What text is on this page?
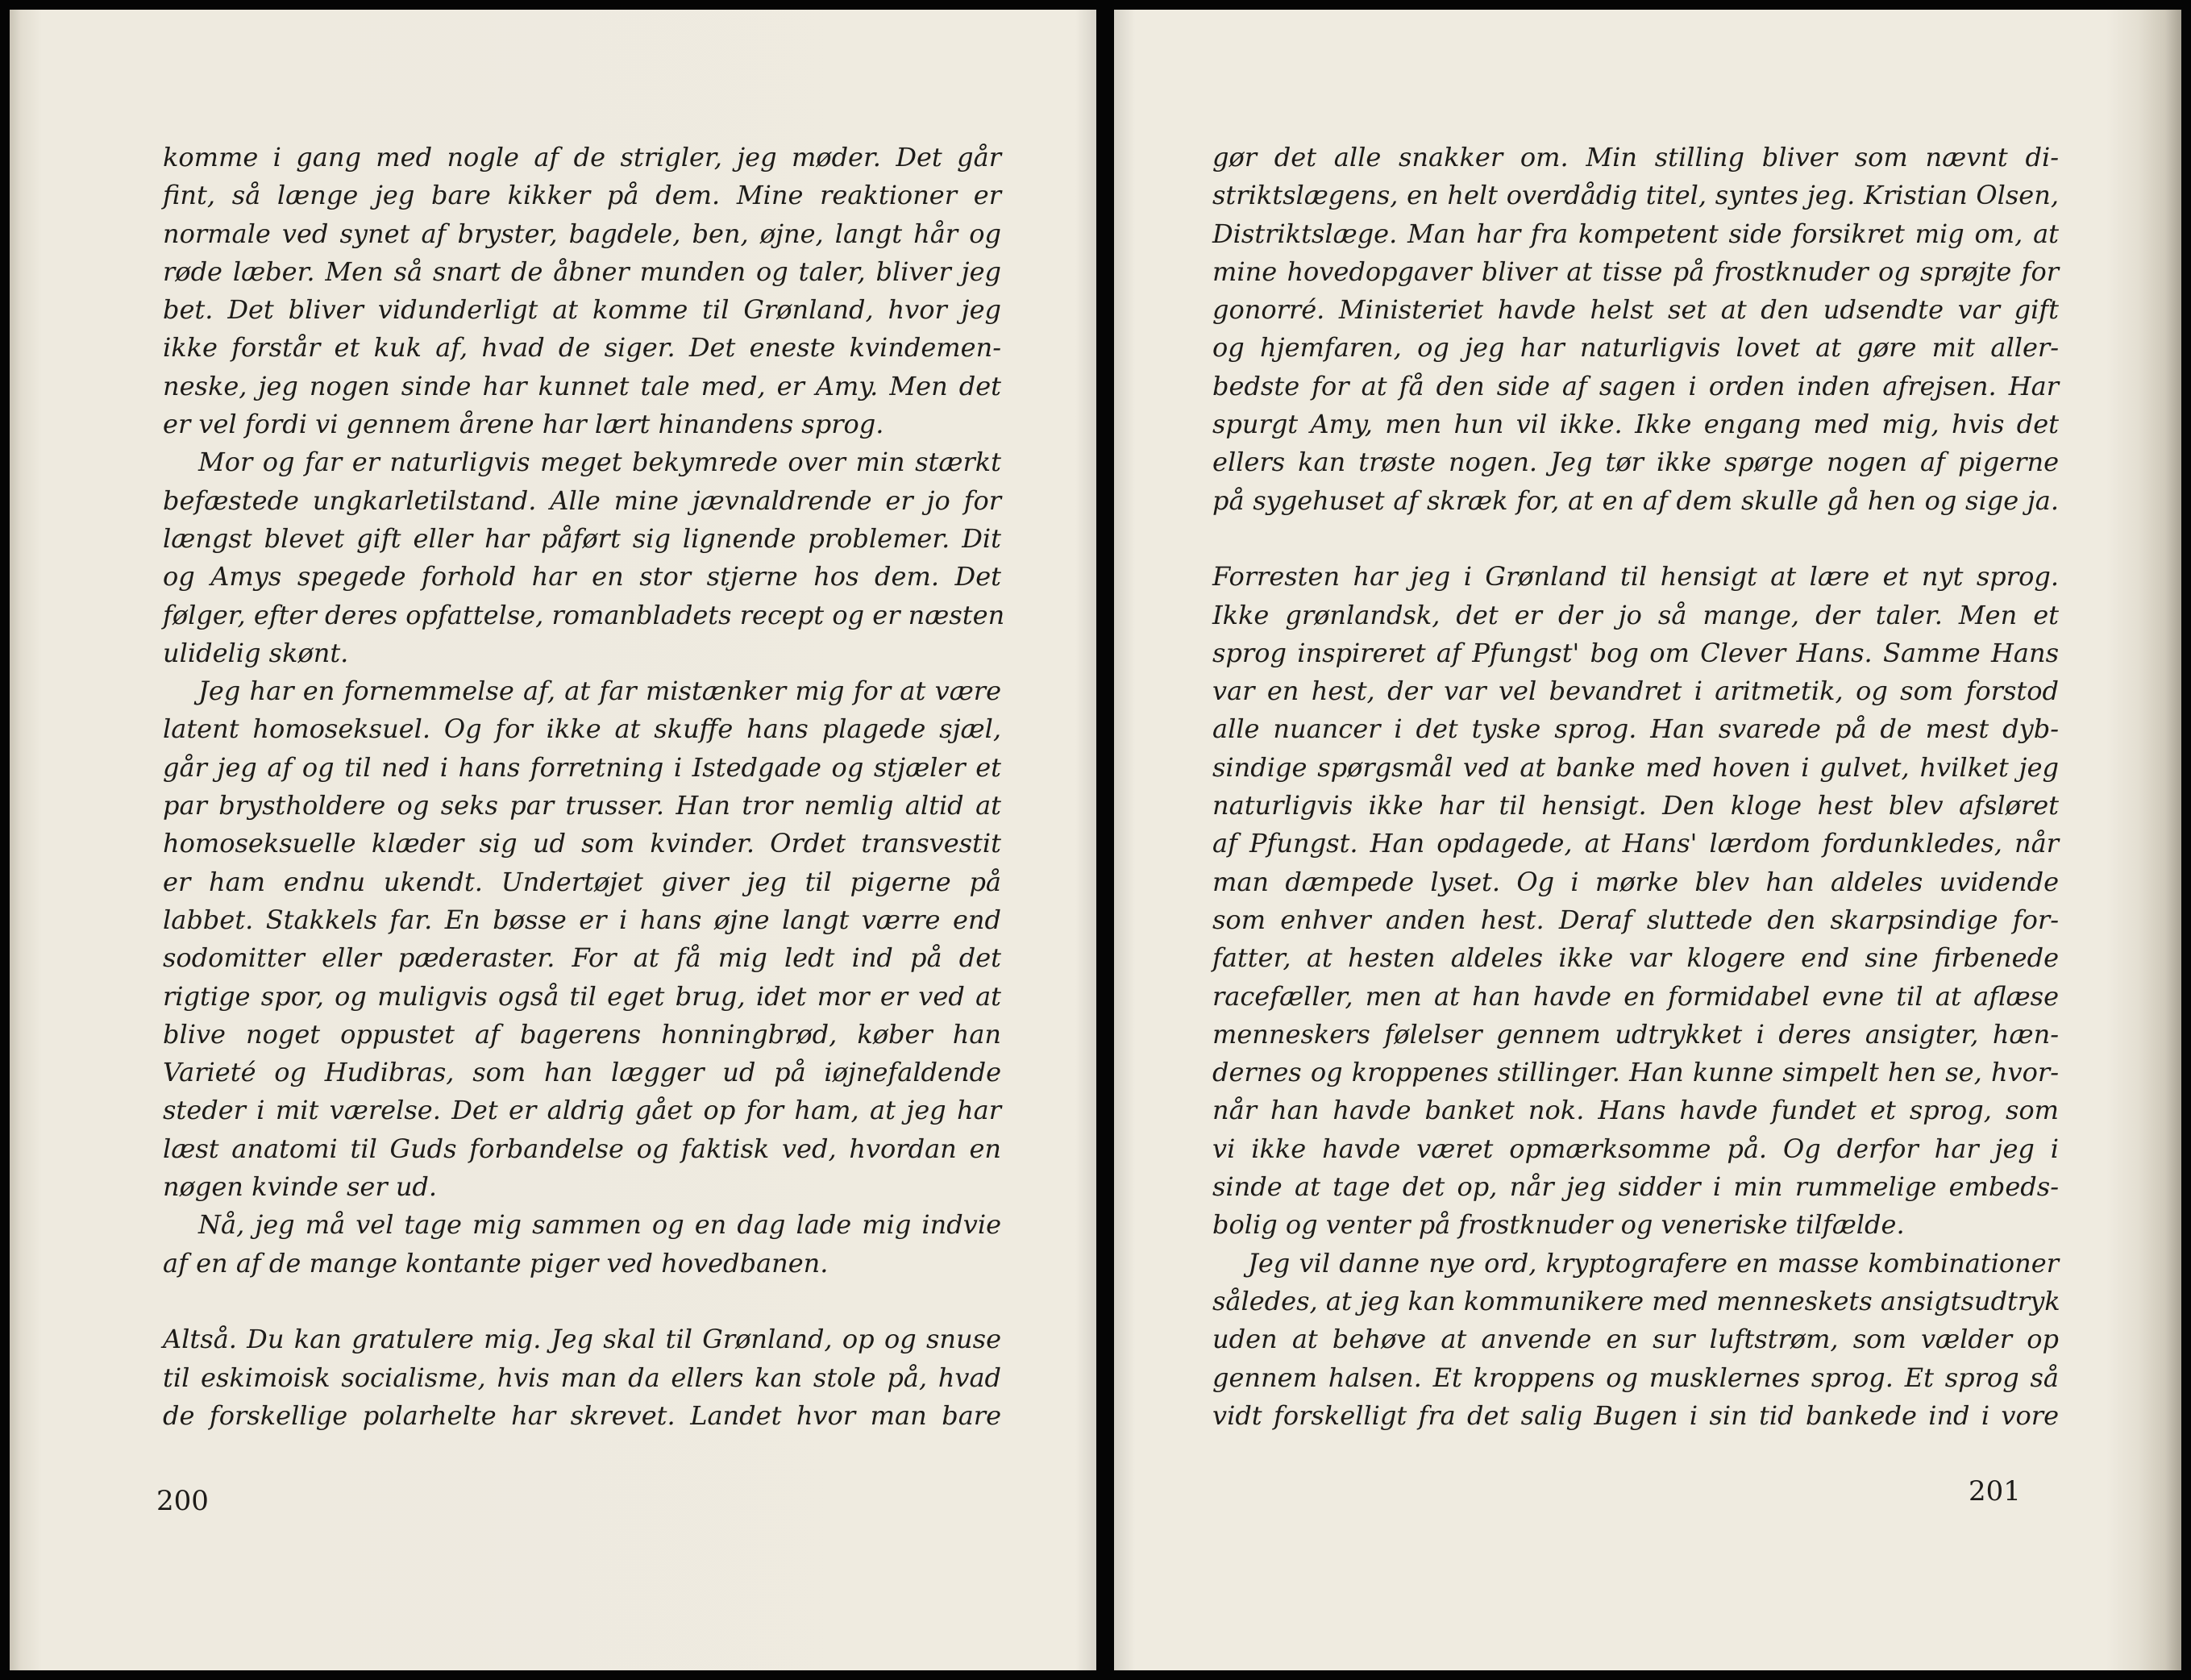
komme i gang med nogle af de strigler, jeg møder. Det går
fint, så længe jeg bare kikker på dem. Mine reaktioner er
normale ved synet af bryster, bagdele, ben, øjne, langt hår og
røde læber. Men så snart de åbner munden og taler, bliver jeg
bet. Det bliver vidunderligt at komme til Grønland, hvor jeg
ikke forstår et kuk af, hvad de siger. Det eneste kvindemen-
neske, jeg nogen sinde har kunnet tale med, er Amy. Men det
er vel fordi vi gennem årene har lært hinandens sprog.
Mor og far er naturligvis meget bekymrede over min stærkt
befæstede ungkarletilstand. Alle mine jævnaldrende er jo for
længst blevet gift eller har påført sig lignende problemer. Dit
og Amys spegede forhold har en stor stjerne hos dem. Det
følger, efter deres opfattelse, romanbladets recept og er næsten
ulidelig skønt.
Jeg har en fornemmelse af, at far mistænker mig for at være
latent homoseksuel. Og for ikke at skuffe hans plagede sjæl,
går jeg af og til ned i hans forretning i Istedgade og stjæler et
par brystholdere og seks par trusser. Han tror nemlig altid at
homoseksuelle klæder sig ud som kvinder. Ordet transvestit
er ham endnu ukendt. Undertøjet giver jeg til pigerne på
labbet. Stakkels far. En bøsse er i hans øjne langt værre end
sodomitter eller pæderaster. For at få mig ledt ind på det
rigtige spor, og muligvis også til eget brug, idet mor er ved at
blive noget oppustet af bagerens honningbrød, køber han
Varieté og Hudibras, som han lægger ud på iøjnefaldende
steder i mit værelse. Det er aldrig gået op for ham, at jeg har
læst anatomi til Guds forbandelse og faktisk ved, hvordan en
nøgen kvinde ser ud.
Nå, jeg må vel tage mig sammen og en dag lade mig indvie
af en af de mange kontante piger ved hovedbanen.
Altså. Du kan gratulere mig. Jeg skal til Grønland, op og snuse
til eskimoisk socialisme, hvis man da ellers kan stole på, hvad
de forskellige polarhelte har skrevet. Landet hvor man bare
200
gør det alle snakker om. Min stilling bliver som nævnt di-
striktslægens, en helt overdådig titel, syntes jeg. Kristian Olsen,
Distriktslæge. Man har fra kompetent side forsikret mig om, at
mine hovedopgaver bliver at tisse på frostknuder og sprøjte for
gonorré. Ministeriet havde helst set at den udsendte var gift
og hjemfaren, og jeg har naturligvis lovet at gøre mit aller-
bedste for at få den side af sagen i orden inden afrejsen. Har
spurgt Amy, men hun vil ikke. Ikke engang med mig, hvis det
ellers kan trøste nogen. Jeg tør ikke spørge nogen af pigerne
på sygehuset af skræk for, at en af dem skulle gå hen og sige ja.
Forresten har jeg i Grønland til hensigt at lære et nyt sprog.
Ikke grønlandsk, det er der jo så mange, der taler. Men et
sprog inspireret af Pfungst' bog om Clever Hans. Samme Hans
var en hest, der var vel bevandret i aritmetik, og som forstod
alle nuancer i det tyske sprog. Han svarede på de mest dyb-
sindige spørgsmål ved at banke med hoven i gulvet, hvilket jeg
naturligvis ikke har til hensigt. Den kloge hest blev afsløret
af Pfungst. Han opdagede, at Hans' lærdom fordunkledes, når
man dæmpede lyset. Og i mørke blev han aldeles uvidende
som enhver anden hest. Deraf sluttede den skarpsindige for-
fatter, at hesten aldeles ikke var klogere end sine firbenede
racefæller, men at han havde en formidabel evne til at aflæse
menneskers følelser gennem udtrykket i deres ansigter, hæn-
dernes og kroppenes stillinger. Han kunne simpelt hen se, hvor-
når han havde banket nok. Hans havde fundet et sprog, som
vi ikke havde været opmærksomme på. Og derfor har jeg i
sinde at tage det op, når jeg sidder i min rummelige embeds-
bolig og venter på frostknuder og veneriske tilfælde.
Jeg vil danne nye ord, kryptografere en masse kombinationer
således, at jeg kan kommunikere med menneskets ansigtsudtryk
uden at behøve at anvende en sur luftstrøm, som vælder op
gennem halsen. Et kroppens og musklernes sprog. Et sprog så
vidt forskelligt fra det salig Bugen i sin tid bankede ind i vore
201
